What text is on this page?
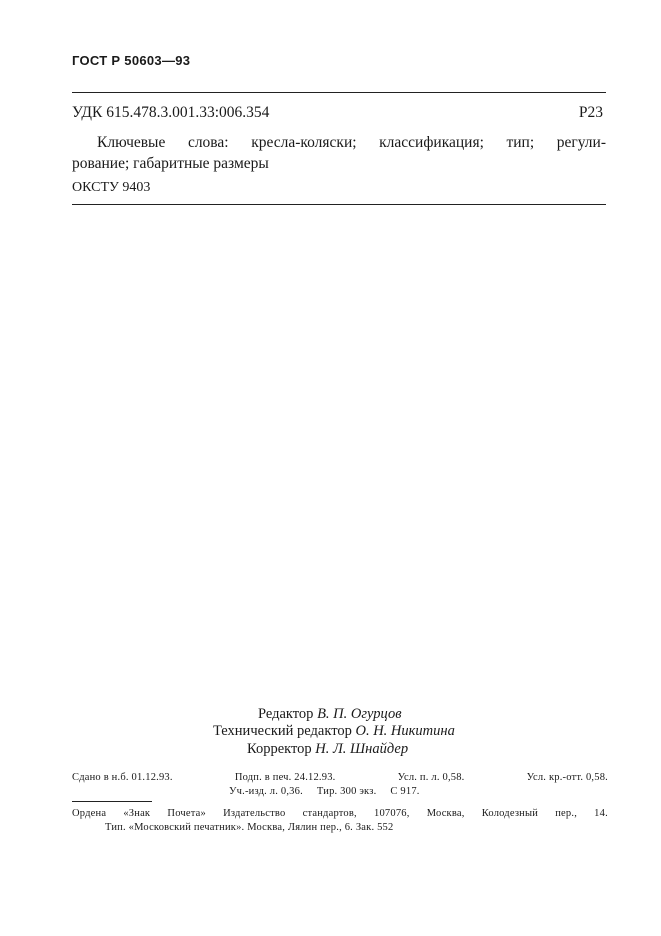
ГОСТ Р 50603—93
УДК 615.478.3.001.33:006.354	Р23
Ключевые слова: кресла-коляски; классификация; тип; регули-
рование; габаритные размеры
ОКСТУ 9403
Редактор В. П. Огурцов
Технический редактор О. Н. Никитина
Корректор Н. Л. Шнайдер
Сдано в н.б. 01.12.93.	Подп. в печ. 24.12.93.	Усл. п. л. 0,58.	Усл. кр.-отт. 0,58.
Уч.-изд. л. 0,36. Тир. 300 экз. С 917.
Ордена «Знак Почета» Издательство стандартов, 107076, Москва, Колодезный пер., 14.
Тип. «Московский печатник». Москва, Лялин пер., 6. Зак. 552
